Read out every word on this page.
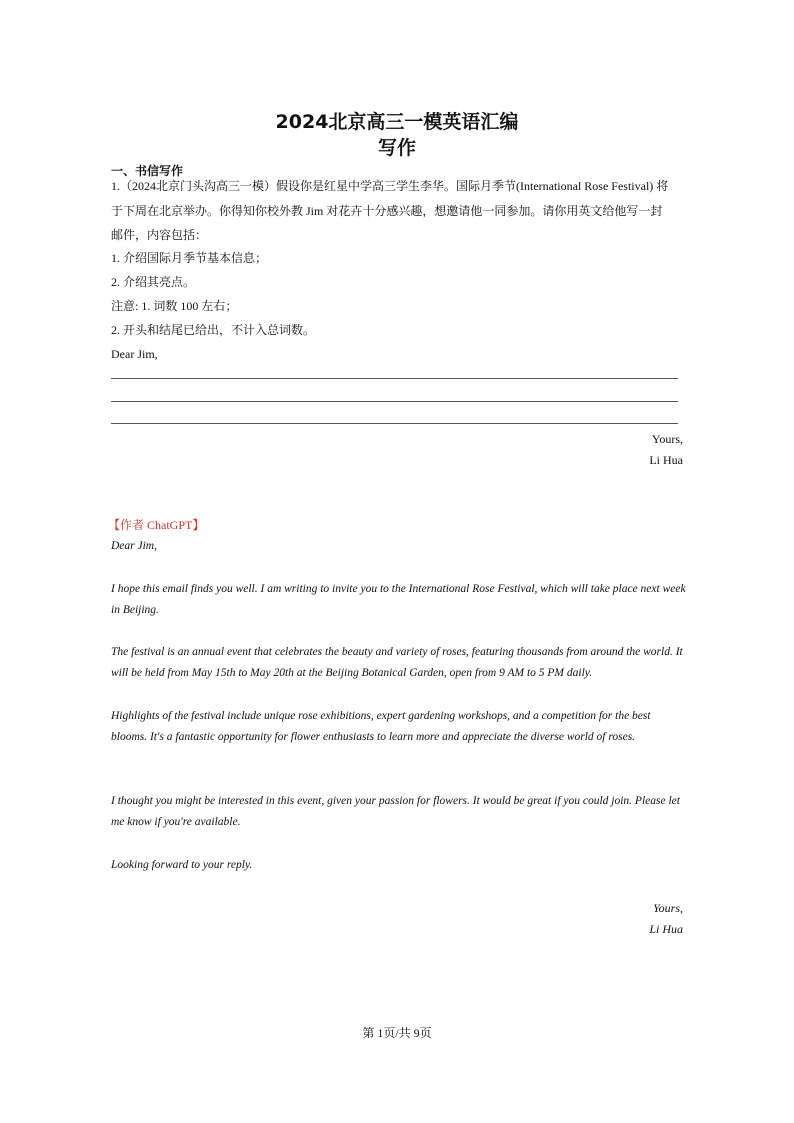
2024北京高三一模英语汇编
写作
一、书信写作
1.（2024北京门头沟高三一模）假设你是红星中学高三学生李华。国际月季节(International Rose Festival) 将
于下周在北京举办。你得知你校外教 Jim 对花卉十分感兴趣，想邀请他一同参加。请你用英文给他写一封
邮件，内容包括：
1. 介绍国际月季节基本信息；
2. 介绍其亮点。
注意: 1. 词数 100 左右；
2. 开头和结尾已给出，不计入总词数。
Dear Jim,
Yours,
Li Hua
【作者 ChatGPT】
Dear Jim,
I hope this email finds you well. I am writing to invite you to the International Rose Festival, which will take place next week in Beijing.
The festival is an annual event that celebrates the beauty and variety of roses, featuring thousands from around the world. It will be held from May 15th to May 20th at the Beijing Botanical Garden, open from 9 AM to 5 PM daily.
Highlights of the festival include unique rose exhibitions, expert gardening workshops, and a competition for the best blooms. It's a fantastic opportunity for flower enthusiasts to learn more and appreciate the diverse world of roses.
I thought you might be interested in this event, given your passion for flowers. It would be great if you could join. Please let me know if you're available.
Looking forward to your reply.
Yours,
Li Hua
第 1页/共 9页
